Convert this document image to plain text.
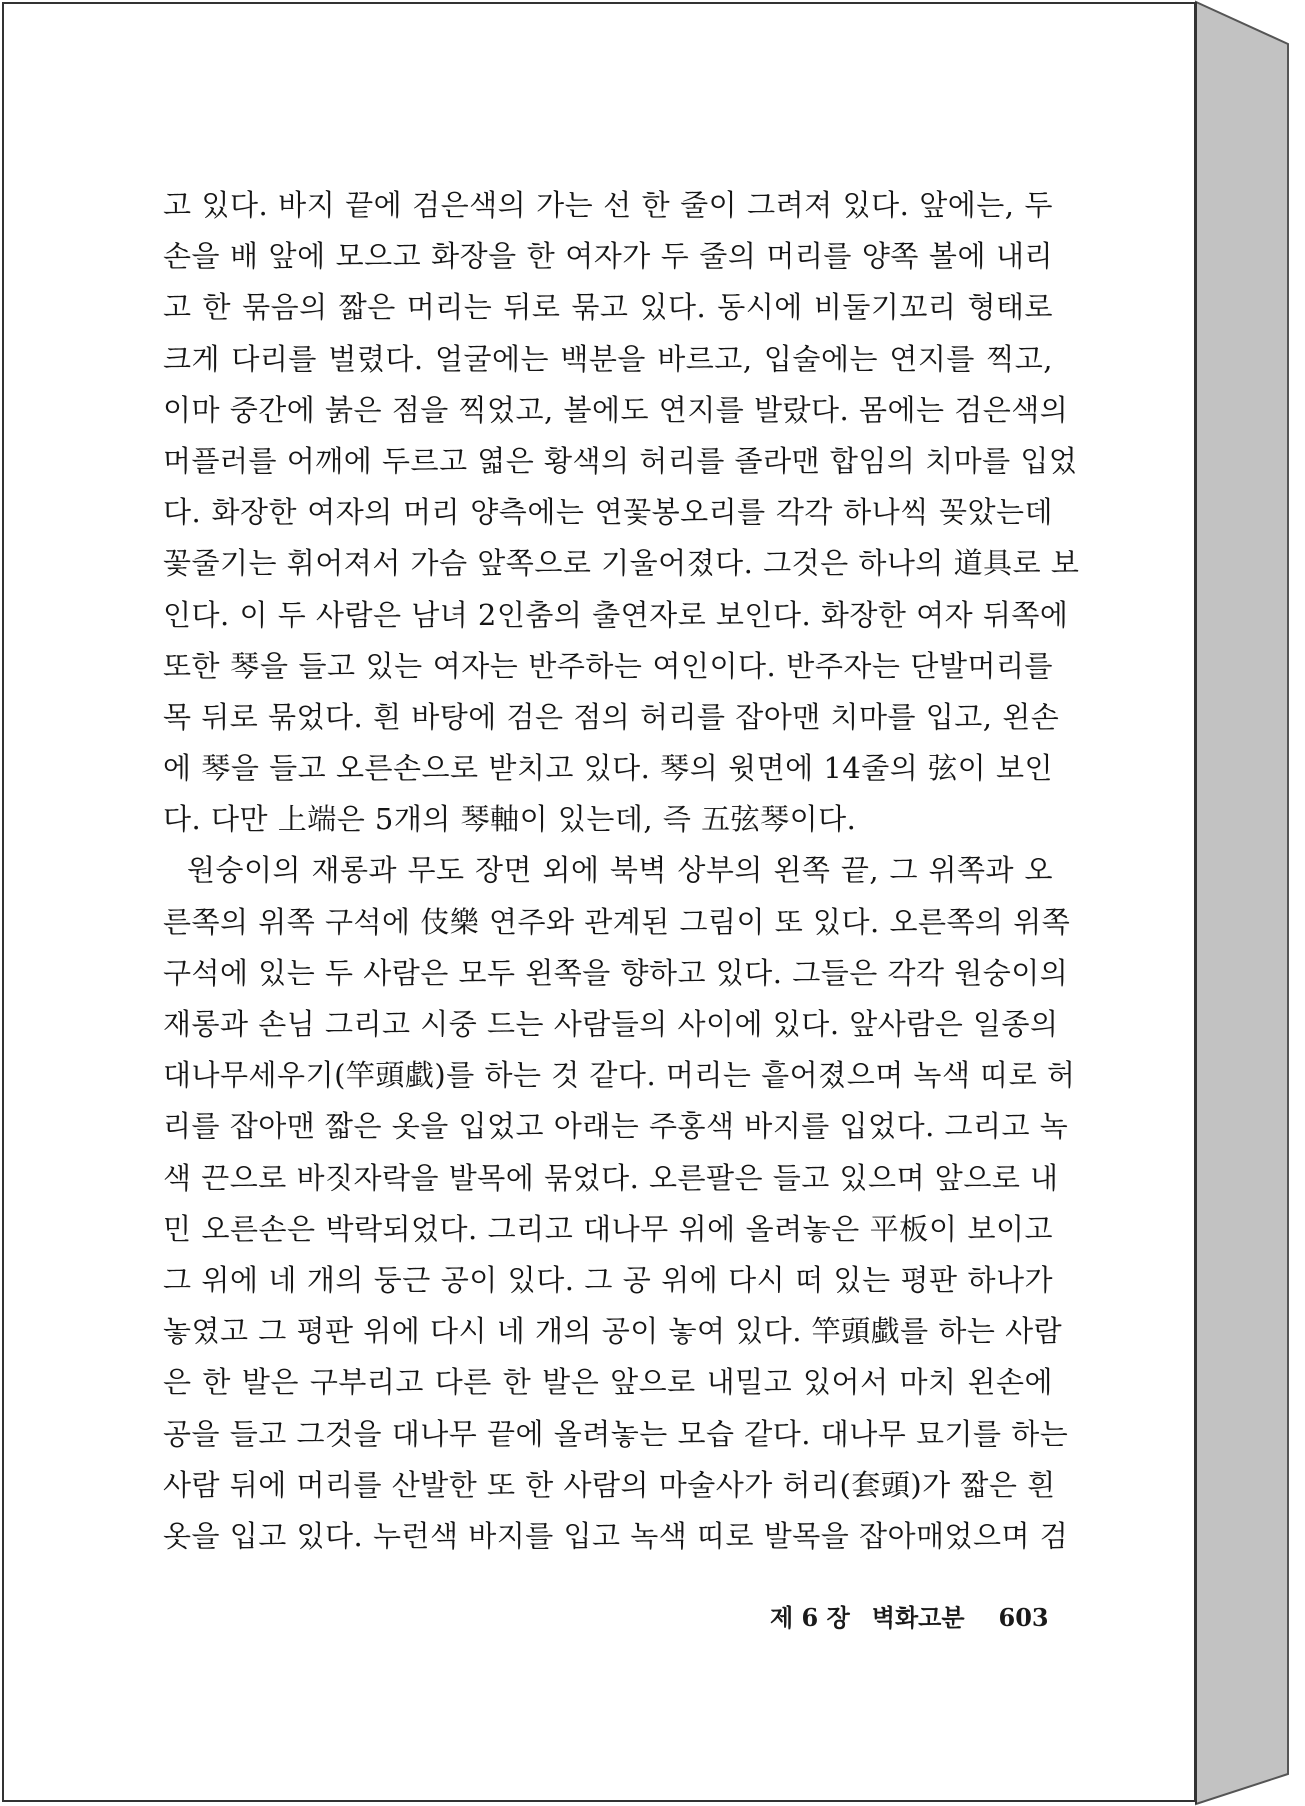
고 있다. 바지 끝에 검은색의 가는 선 한 줄이 그려져 있다. 앞에는, 두
손을 배 앞에 모으고 화장을 한 여자가 두 줄의 머리를 양쪽 볼에 내리
고 한 묶음의 짧은 머리는 뒤로 묶고 있다. 동시에 비둘기꼬리 형태로
크게 다리를 벌렸다. 얼굴에는 백분을 바르고, 입술에는 연지를 찍고,
이마 중간에 붉은 점을 찍었고, 볼에도 연지를 발랐다. 몸에는 검은색의
머플러를 어깨에 두르고 엷은 황색의 허리를 졸라맨 합임의 치마를 입었
다. 화장한 여자의 머리 양측에는 연꽃봉오리를 각각 하나씩 꽂았는데
꽃줄기는 휘어져서 가슴 앞쪽으로 기울어졌다. 그것은 하나의 道具로 보
인다. 이 두 사람은 남녀 2인춤의 출연자로 보인다. 화장한 여자 뒤쪽에
또한 琴을 들고 있는 여자는 반주하는 여인이다. 반주자는 단발머리를
목 뒤로 묶었다. 흰 바탕에 검은 점의 허리를 잡아맨 치마를 입고, 왼손
에 琴을 들고 오른손으로 받치고 있다. 琴의 윗면에 14줄의 弦이 보인
다. 다만 上端은 5개의 琴軸이 있는데, 즉 五弦琴이다.
원숭이의 재롱과 무도 장면 외에 북벽 상부의 왼쪽 끝, 그 위쪽과 오
른쪽의 위쪽 구석에 伎樂 연주와 관계된 그림이 또 있다. 오른쪽의 위쪽
구석에 있는 두 사람은 모두 왼쪽을 향하고 있다. 그들은 각각 원숭이의
재롱과 손님 그리고 시중 드는 사람들의 사이에 있다. 앞사람은 일종의
대나무세우기(竿頭戱)를 하는 것 같다. 머리는 흩어졌으며 녹색 띠로 허
리를 잡아맨 짧은 옷을 입었고 아래는 주홍색 바지를 입었다. 그리고 녹
색 끈으로 바짓자락을 발목에 묶었다. 오른팔은 들고 있으며 앞으로 내
민 오른손은 박락되었다. 그리고 대나무 위에 올려놓은 平板이 보이고
그 위에 네 개의 둥근 공이 있다. 그 공 위에 다시 떠 있는 평판 하나가
놓였고 그 평판 위에 다시 네 개의 공이 놓여 있다. 竿頭戱를 하는 사람
은 한 발은 구부리고 다른 한 발은 앞으로 내밀고 있어서 마치 왼손에
공을 들고 그것을 대나무 끝에 올려놓는 모습 같다. 대나무 묘기를 하는
사람 뒤에 머리를 산발한 또 한 사람의 마술사가 허리(套頭)가 짧은 흰
옷을 입고 있다. 누런색 바지를 입고 녹색 띠로 발목을 잡아매었으며 검
제 6 장 벽화고분 603
